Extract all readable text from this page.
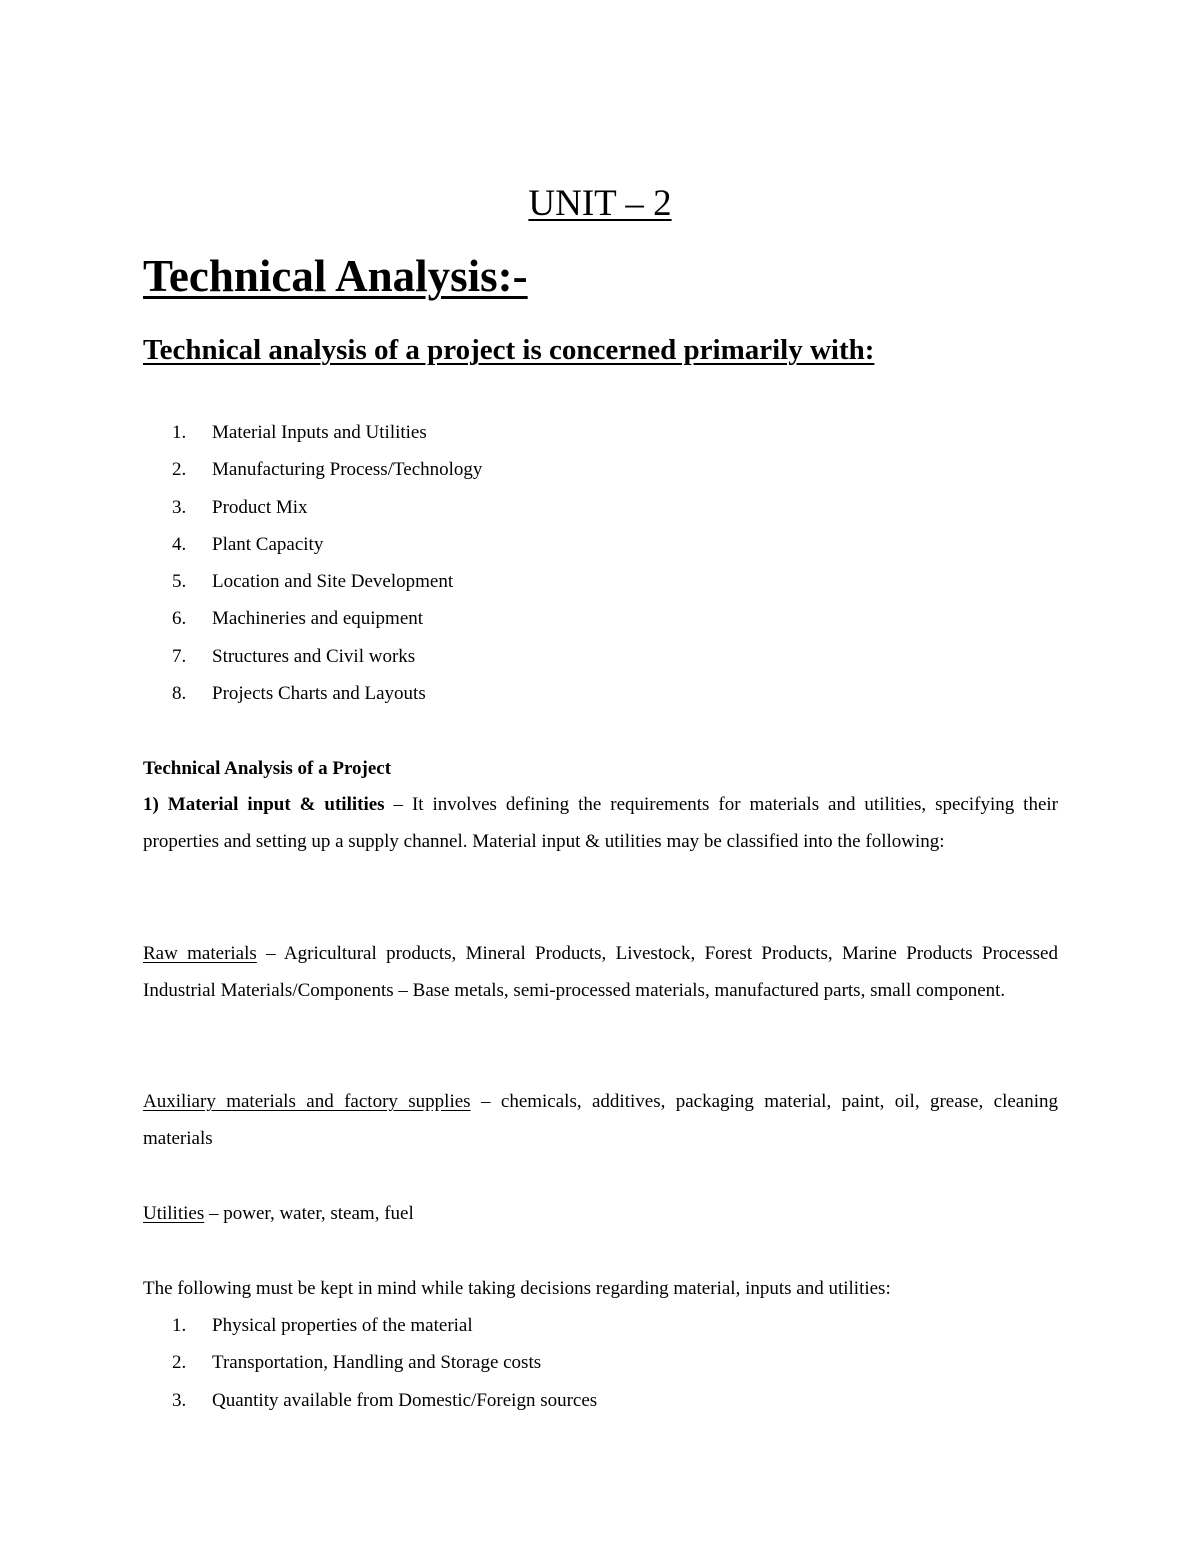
UNIT – 2
Technical Analysis:-
Technical analysis of a project is concerned primarily with:
1. Material Inputs and Utilities
2. Manufacturing Process/Technology
3. Product Mix
4. Plant Capacity
5. Location and Site Development
6. Machineries and equipment
7. Structures and Civil works
8. Projects Charts and Layouts
Technical Analysis of a Project

1) Material input & utilities – It involves defining the requirements for materials and utilities, specifying their properties and setting up a supply channel. Material input & utilities may be classified into the following:

Raw materials – Agricultural products, Mineral Products, Livestock, Forest Products, Marine Products Processed Industrial Materials/Components – Base metals, semi-processed materials, manufactured parts, small component.

Auxiliary materials and factory supplies – chemicals, additives, packaging material, paint, oil, grease, cleaning materials

Utilities – power, water, steam, fuel

The following must be kept in mind while taking decisions regarding material, inputs and utilities:

1. Physical properties of the material
2. Transportation, Handling and Storage costs
3. Quantity available from Domestic/Foreign sources
